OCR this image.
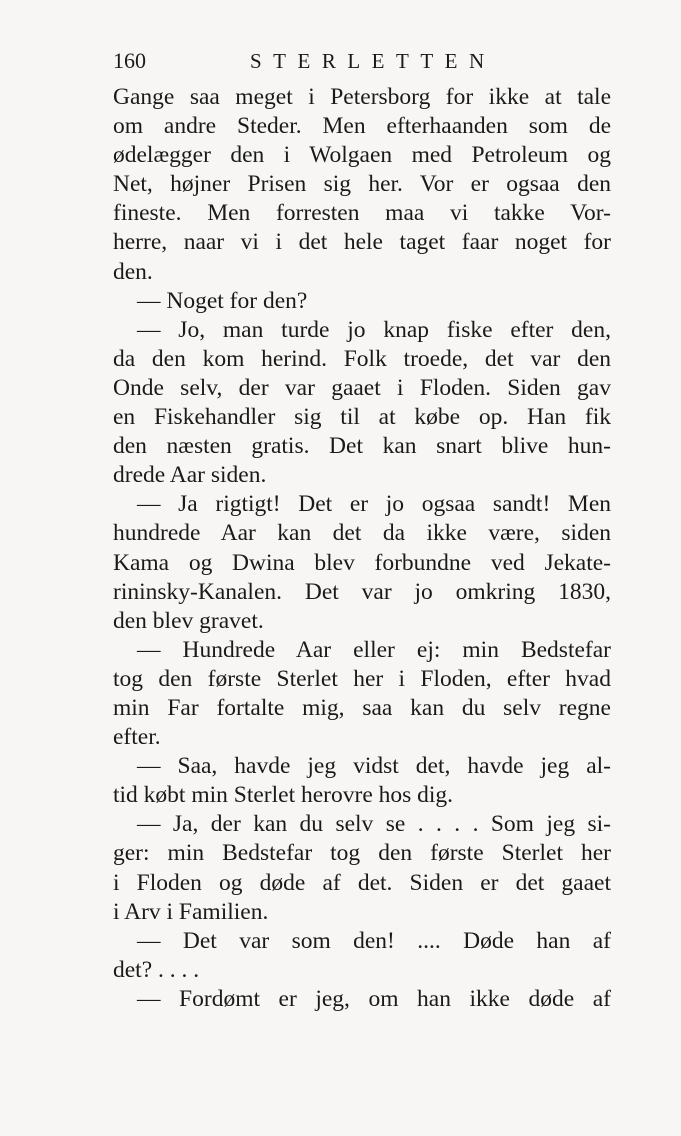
160	STERLETTEN
Gange saa meget i Petersborg for ikke at tale
om andre Steder. Men efterhaanden som de
ødelægger den i Wolgaen med Petroleum og
Net, højner Prisen sig her. Vor er ogsaa den
fineste. Men forresten maa vi takke Vor-
herre, naar vi i det hele taget faar noget for
den.
— Noget for den?
— Jo, man turde jo knap fiske efter den,
da den kom herind. Folk troede, det var den
Onde selv, der var gaaet i Floden. Siden gav
en Fiskehandler sig til at købe op. Han fik
den næsten gratis. Det kan snart blive hun-
drede Aar siden.
— Ja rigtigt! Det er jo ogsaa sandt! Men
hundrede Aar kan det da ikke være, siden
Kama og Dwina blev forbundne ved Jekate-
rininsky-Kanalen. Det var jo omkring 1830,
den blev gravet.
— Hundrede Aar eller ej: min Bedstefar
tog den første Sterlet her i Floden, efter hvad
min Far fortalte mig, saa kan du selv regne
efter.
— Saa, havde jeg vidst det, havde jeg al-
tid købt min Sterlet herovre hos dig.
— Ja, der kan du selv se . . . . Som jeg si-
ger: min Bedstefar tog den første Sterlet her
i Floden og døde af det. Siden er det gaaet
i Arv i Familien.
— Det var som den! .... Døde han af
det? . . . .
— Fordømt er jeg, om han ikke døde af
